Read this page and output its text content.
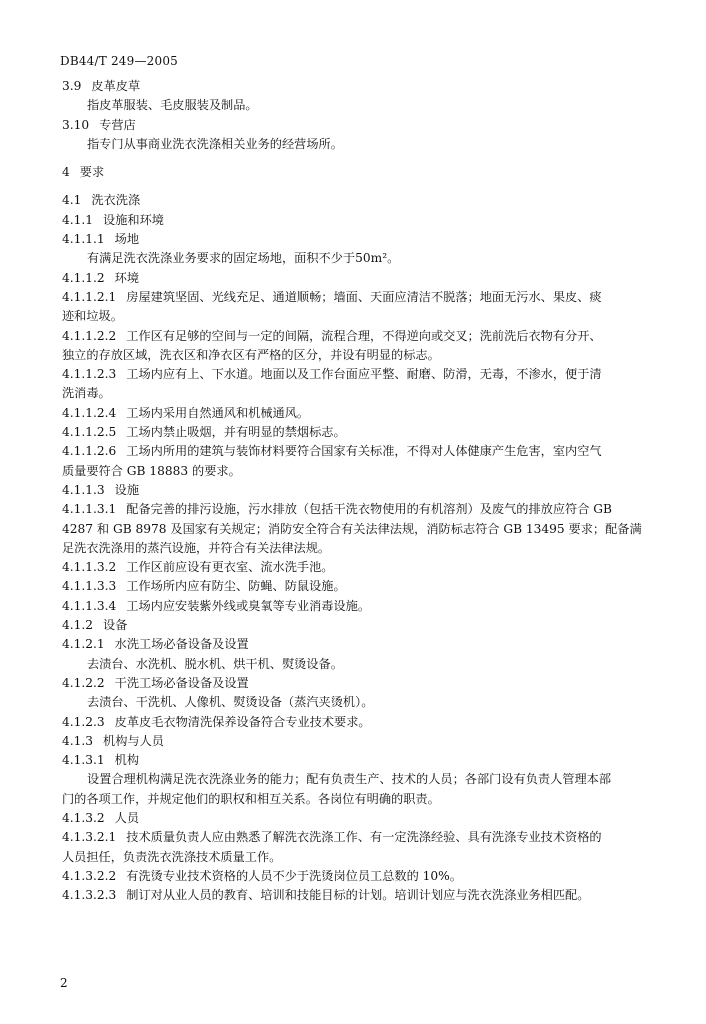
DB44/T 249—2005
3.9 皮革皮草
指皮革服装、毛皮服装及制品。
3.10 专营店
指专门从事商业洗衣洗涤相关业务的经营场所。
4 要求
4.1 洗衣洗涤
4.1.1 设施和环境
4.1.1.1 场地
有满足洗衣洗涤业务要求的固定场地，面积不少于50m²。
4.1.1.2 环境
4.1.1.2.1 房屋建筑坚固、光线充足、通道顺畅；墙面、天面应清洁不脱落；地面无污水、果皮、痰
迹和垃圾。
4.1.1.2.2 工作区有足够的空间与一定的间隔，流程合理，不得逆向或交叉；洗前洗后衣物有分开、
独立的存放区域，洗衣区和净衣区有严格的区分，并设有明显的标志。
4.1.1.2.3 工场内应有上、下水道。地面以及工作台面应平整、耐磨、防滑，无毒，不渗水，便于清
洗消毒。
4.1.1.2.4 工场内采用自然通风和机械通风。
4.1.1.2.5 工场内禁止吸烟，并有明显的禁烟标志。
4.1.1.2.6 工场内所用的建筑与装饰材料要符合国家有关标准，不得对人体健康产生危害，室内空气
质量要符合 GB 18883 的要求。
4.1.1.3 设施
4.1.1.3.1 配备完善的排污设施，污水排放（包括干洗衣物使用的有机溶剂）及废气的排放应符合 GB
4287 和 GB 8978 及国家有关规定；消防安全符合有关法律法规，消防标志符合 GB 13495 要求；配备满
足洗衣洗涤用的蒸汽设施，并符合有关法律法规。
4.1.1.3.2 工作区前应设有更衣室、流水洗手池。
4.1.1.3.3 工作场所内应有防尘、防蝇、防鼠设施。
4.1.1.3.4 工场内应安装紫外线或臭氧等专业消毒设施。
4.1.2 设备
4.1.2.1 水洗工场必备设备及设置
去渍台、水洗机、脱水机、烘干机、熨烫设备。
4.1.2.2 干洗工场必备设备及设置
去渍台、干洗机、人像机、熨烫设备（蒸汽夹烫机）。
4.1.2.3 皮革皮毛衣物清洗保养设备符合专业技术要求。
4.1.3 机构与人员
4.1.3.1 机构
设置合理机构满足洗衣洗涤业务的能力；配有负责生产、技术的人员；各部门设有负责人管理本部
门的各项工作，并规定他们的职权和相互关系。各岗位有明确的职责。
4.1.3.2 人员
4.1.3.2.1 技术质量负责人应由熟悉了解洗衣洗涤工作、有一定洗涤经验、具有洗涤专业技术资格的
人员担任，负责洗衣洗涤技术质量工作。
4.1.3.2.2 有洗烫专业技术资格的人员不少于洗烫岗位员工总数的 10%。
4.1.3.2.3 制订对从业人员的教育、培训和技能目标的计划。培训计划应与洗衣洗涤业务相匹配。
2
